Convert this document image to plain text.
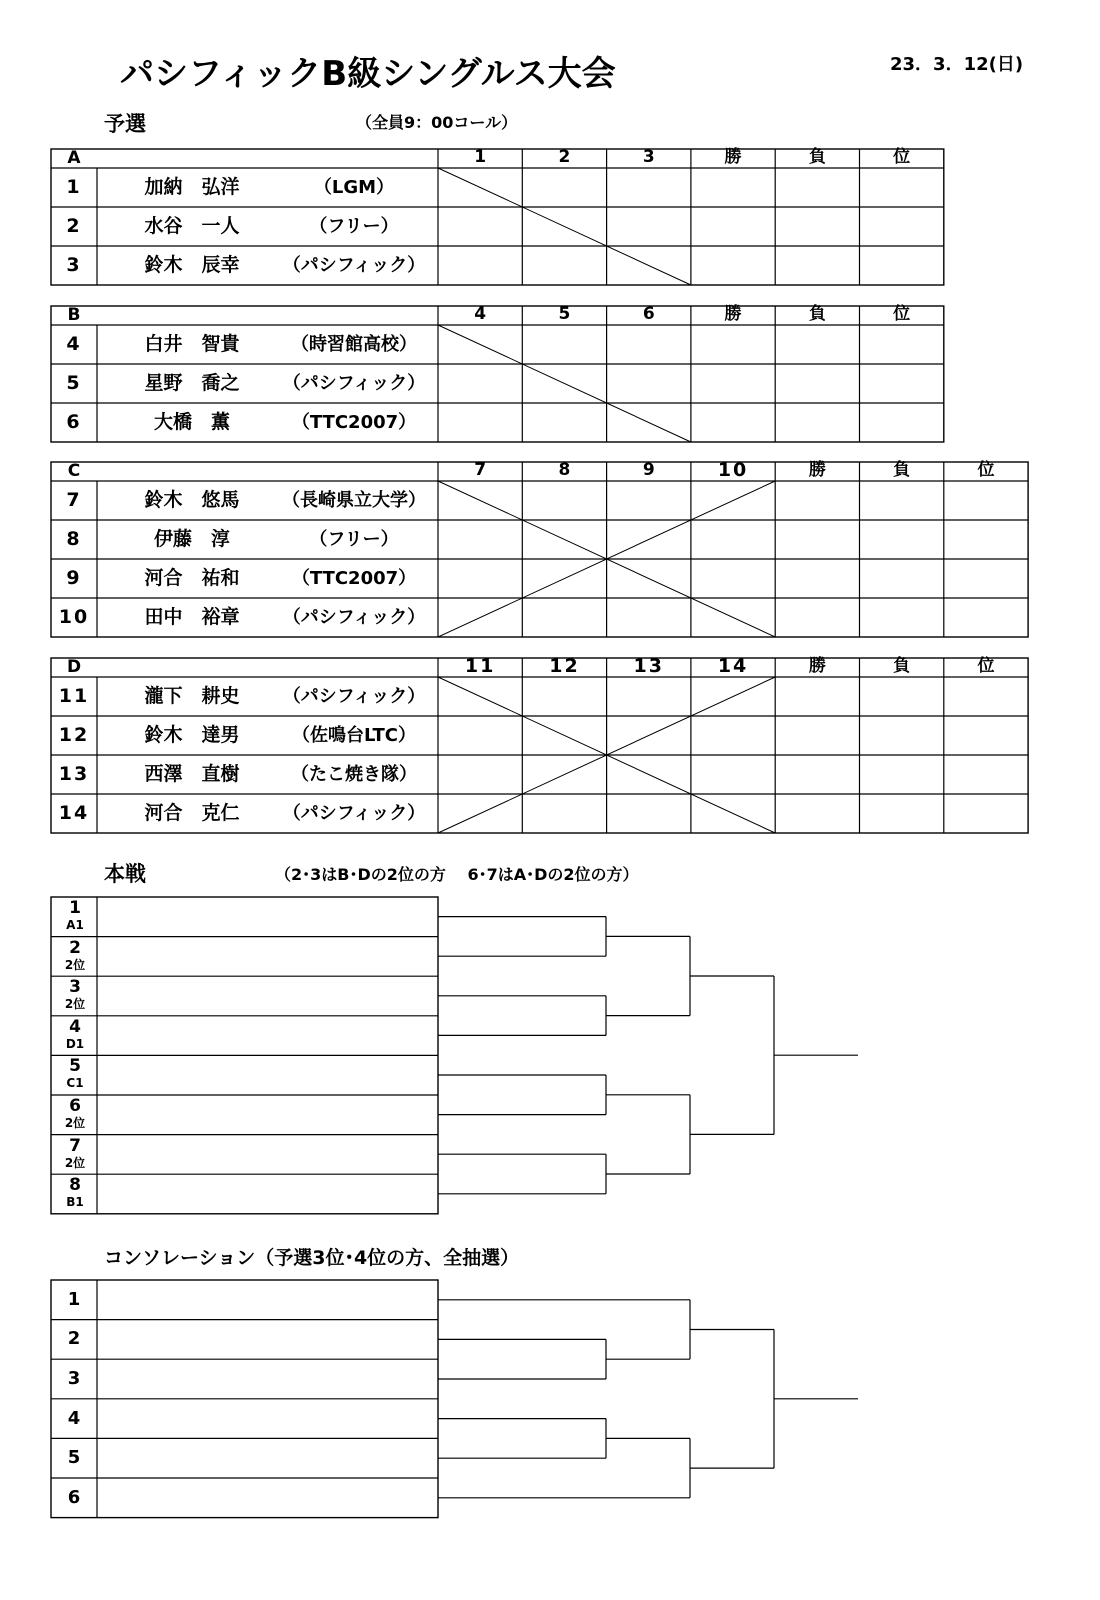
パシフィックB級シングルス大会	23．3．12(日)
予選	（全員9：00コール）
本戦	（2･3はB･Dの2位の方　 6･7はA･Dの2位の方）
コンソレーション（予選3位･4位の方、全抽選）
A	1	2	3	勝	負	位
1	加納　弘洋	（LGM）
2	水谷　一人	（フリー）
3	鈴木　辰幸	（パシフィック）
B	4	5	6	勝	負	位
4	白井　智貴	（時習館高校）
5	星野　喬之	（パシフィック）
6	大橋　薫	（TTC2007）
C	7	8	9	10	勝	負	位
7	鈴木　悠馬	（長崎県立大学）
8	伊藤　淳	（フリー）
9	河合　祐和	（TTC2007）
10	田中　裕章	（パシフィック）
D	11	12	13	14	勝	負	位
11	瀧下　耕史	（パシフィック）
12	鈴木　達男	（佐鳴台LTC）
13	西澤　直樹	（たこ焼き隊）
14	河合　克仁	（パシフィック）
1
A1
2
2位
3
2位
4
D1
5
C1
6
2位
7
2位
8
B1
1
2
3
4
5
6
